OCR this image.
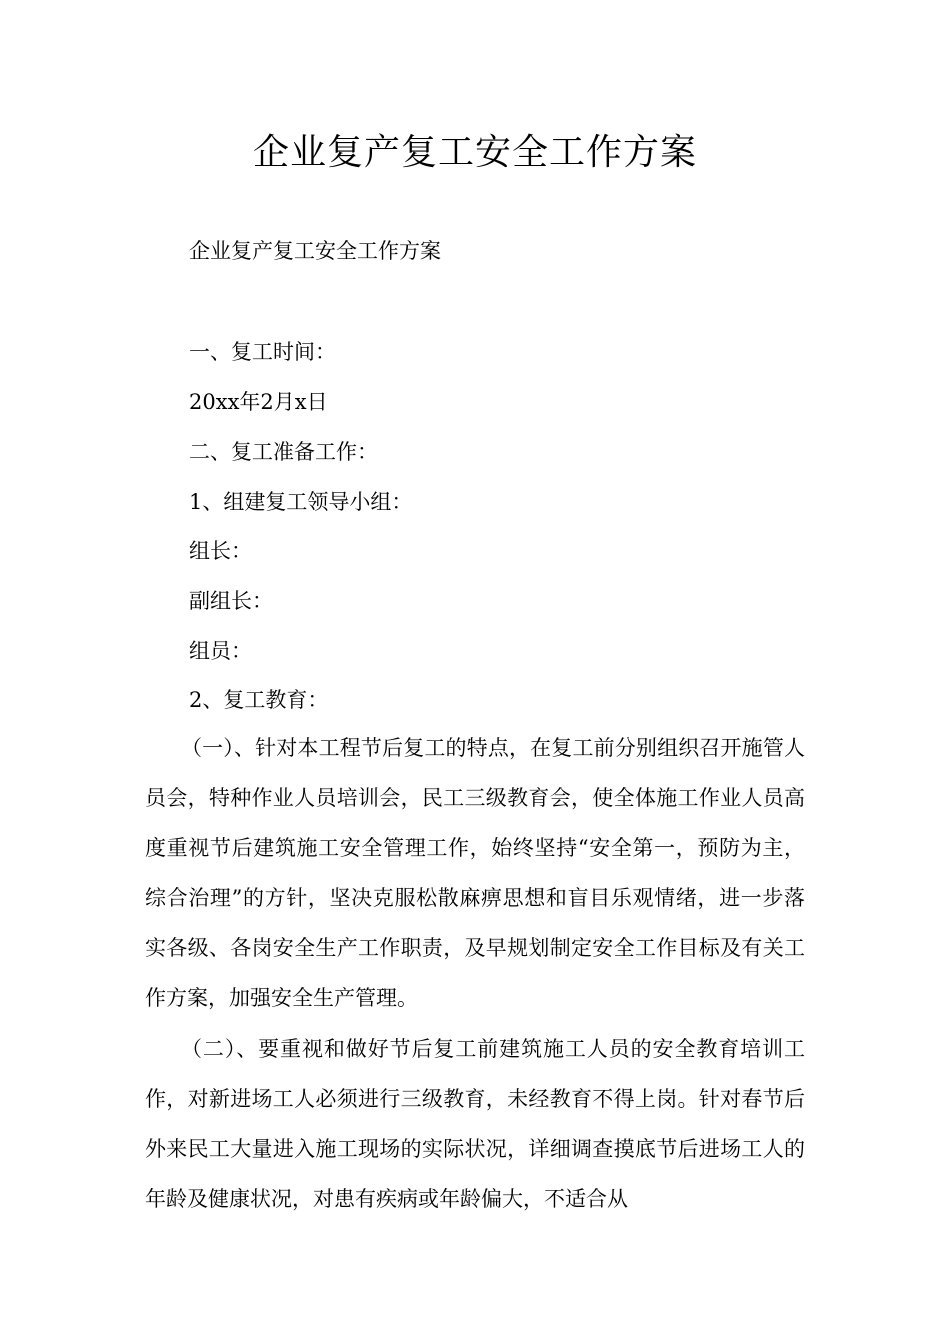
企业复产复工安全工作方案
企业复产复工安全工作方案
一、复工时间：
20xx年2月x日
二、复工准备工作：
1、组建复工领导小组：
组长：
副组长：
组员：
2、复工教育：

（一）、针对本工程节后复工的特点，在复工前分别组织召开施管人员会，特种作业人员培训会，民工三级教育会，使全体施工作业人员高度重视节后建筑施工安全管理工作，始终坚持“安全第一，预防为主，综合治理”的方针，坚决克服松散麻痹思想和盲目乐观情绪，进一步落实各级、各岗安全生产工作职责，及早规划制定安全工作目标及有关工作方案，加强安全生产管理。

（二）、要重视和做好节后复工前建筑施工人员的安全教育培训工作，对新进场工人必须进行三级教育，未经教育不得上岗。针对春节后外来民工大量进入施工现场的实际状况，详细调查摸底节后进场工人的年龄及健康状况，对患有疾病或年龄偏大，不适合从
